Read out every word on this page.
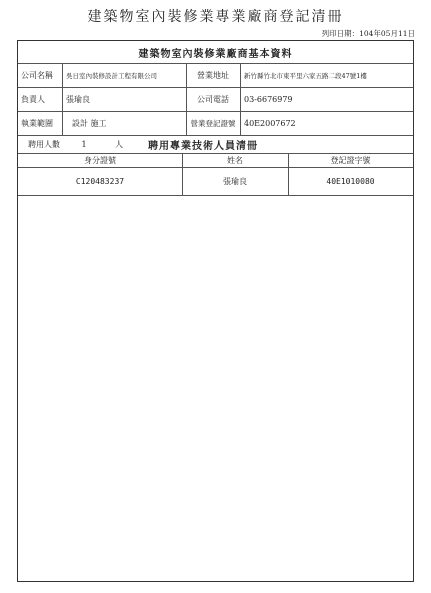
建築物室內裝修業專業廠商登記清冊
列印日期：104年05月11日
建築物室內裝修業廠商基本資料
公司名稱	吳日室內裝修設計工程有限公司	營業地址	新竹縣竹北市東平里六家五路二段47號1樓
負責人	張瑜良	公司電話	03-6676979
執業範圍	設計 施工	營業登記證號	40E2007672
聘用人數	1	人	聘用專業技術人員清冊
身分證號	姓名	登記證字號
C120483237	張瑜良	40E1010080
